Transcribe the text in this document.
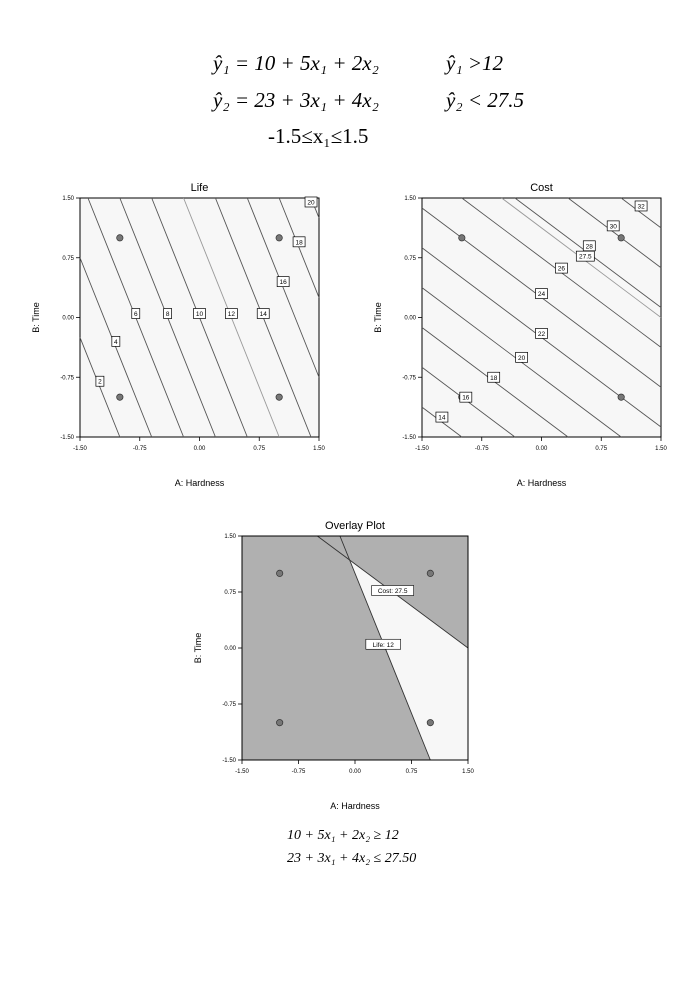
ŷ₁ = 10 + 5x₁ + 2x₂	ŷ₁ >12
ŷ₂ = 23 + 3x₁ + 4x₂	ŷ₂ < 27.5
-1.5≤x₁≤1.5
Life
-1.50
-1.50
-0.75
-0.75
0.00
0.00
0.75
0.75
1.50
1.50
A: Hardness
B: Time
2
4
6	8	10	12	14
16
18
20
Cost
-1.50
-1.50
-0.75
-0.75
0.00
0.00
0.75
0.75
1.50
1.50
A: Hardness
B: Time
14
16
18
20
22
24
26
27.5
28
30
32
Overlay Plot
-1.50
-1.50
-0.75
-0.75
0.00
0.00
0.75
0.75
1.50
1.50
A: Hardness
B: Time	Life: 12
Cost: 27.5
10 + 5x₁ + 2x₂ ≥ 12
23 + 3x₁ + 4x₂ ≤ 27.50
